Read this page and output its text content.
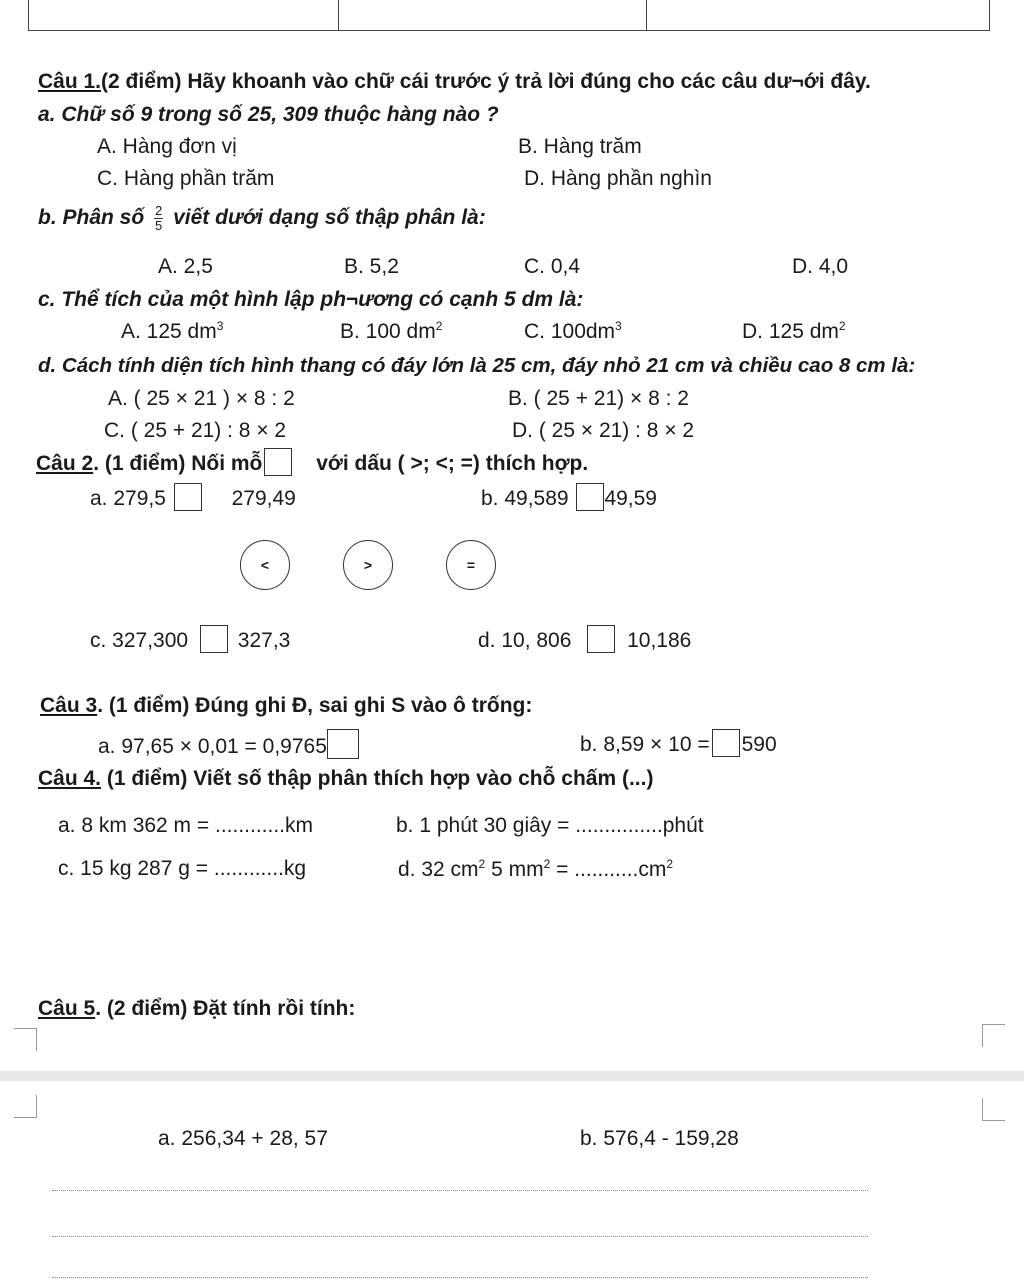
Câu 1.(2 điểm) Hãy khoanh vào chữ cái trước ý trả lời đúng cho các câu dư¬ới đây.
a. Chữ số 9 trong số 25, 309 thuộc hàng nào ?
A. Hàng đơn vị	B. Hàng trăm
C. Hàng phần trăm	D. Hàng phần nghìn
b. Phân số $\frac{2}{5}$ viết dưới dạng số thập phân là:
A. 2,5	B. 5,2	C. 0,4	D. 4,0
c. Thể tích của một hình lập ph¬ương có cạnh 5 dm là:
A. 125 $dm^3$	B. 100 $dm^2$	C. $100dm^3$	D. 125 $dm^2$
d. Cách tính diện tích hình thang có đáy lớn là 25 cm, đáy nhỏ 21 cm và chiều cao 8 cm là:
A. ( 25 × 21 ) × 8 : 2	B. ( 25 + 21) × 8 : 2
C. ( 25 + 21) : 8 × 2	D. ( 25 × 21) : 8 × 2
Câu 2. (1 điểm) Nối mỗ với dấu ( >; <; =) thích hợp.
a. 279,5	279,49	b. 49,589 49,59
<	>	=
c. 327,300 327,3	d. 10, 806	10,186
Câu 3. (1 điểm) Đúng ghi Đ, sai ghi S vào ô trống:
a. 97,65 × 0,01 = 0,9765	b. 8,59 × 10 = 590
Câu 4. (1 điểm) Viết số thập phân thích hợp vào chỗ chấm (...)
a. 8 km 362 m = ............km	b. 1 phút 30 giây = ...............phút
c. 15 kg 287 g = ............kg	d. 32 $cm^2$ 5 $mm^2 = ...........cm^2$
Câu 5. (2 điểm) Đặt tính rồi tính:
a. 256,34 + 28, 57	b. 576,4 - 159,28
